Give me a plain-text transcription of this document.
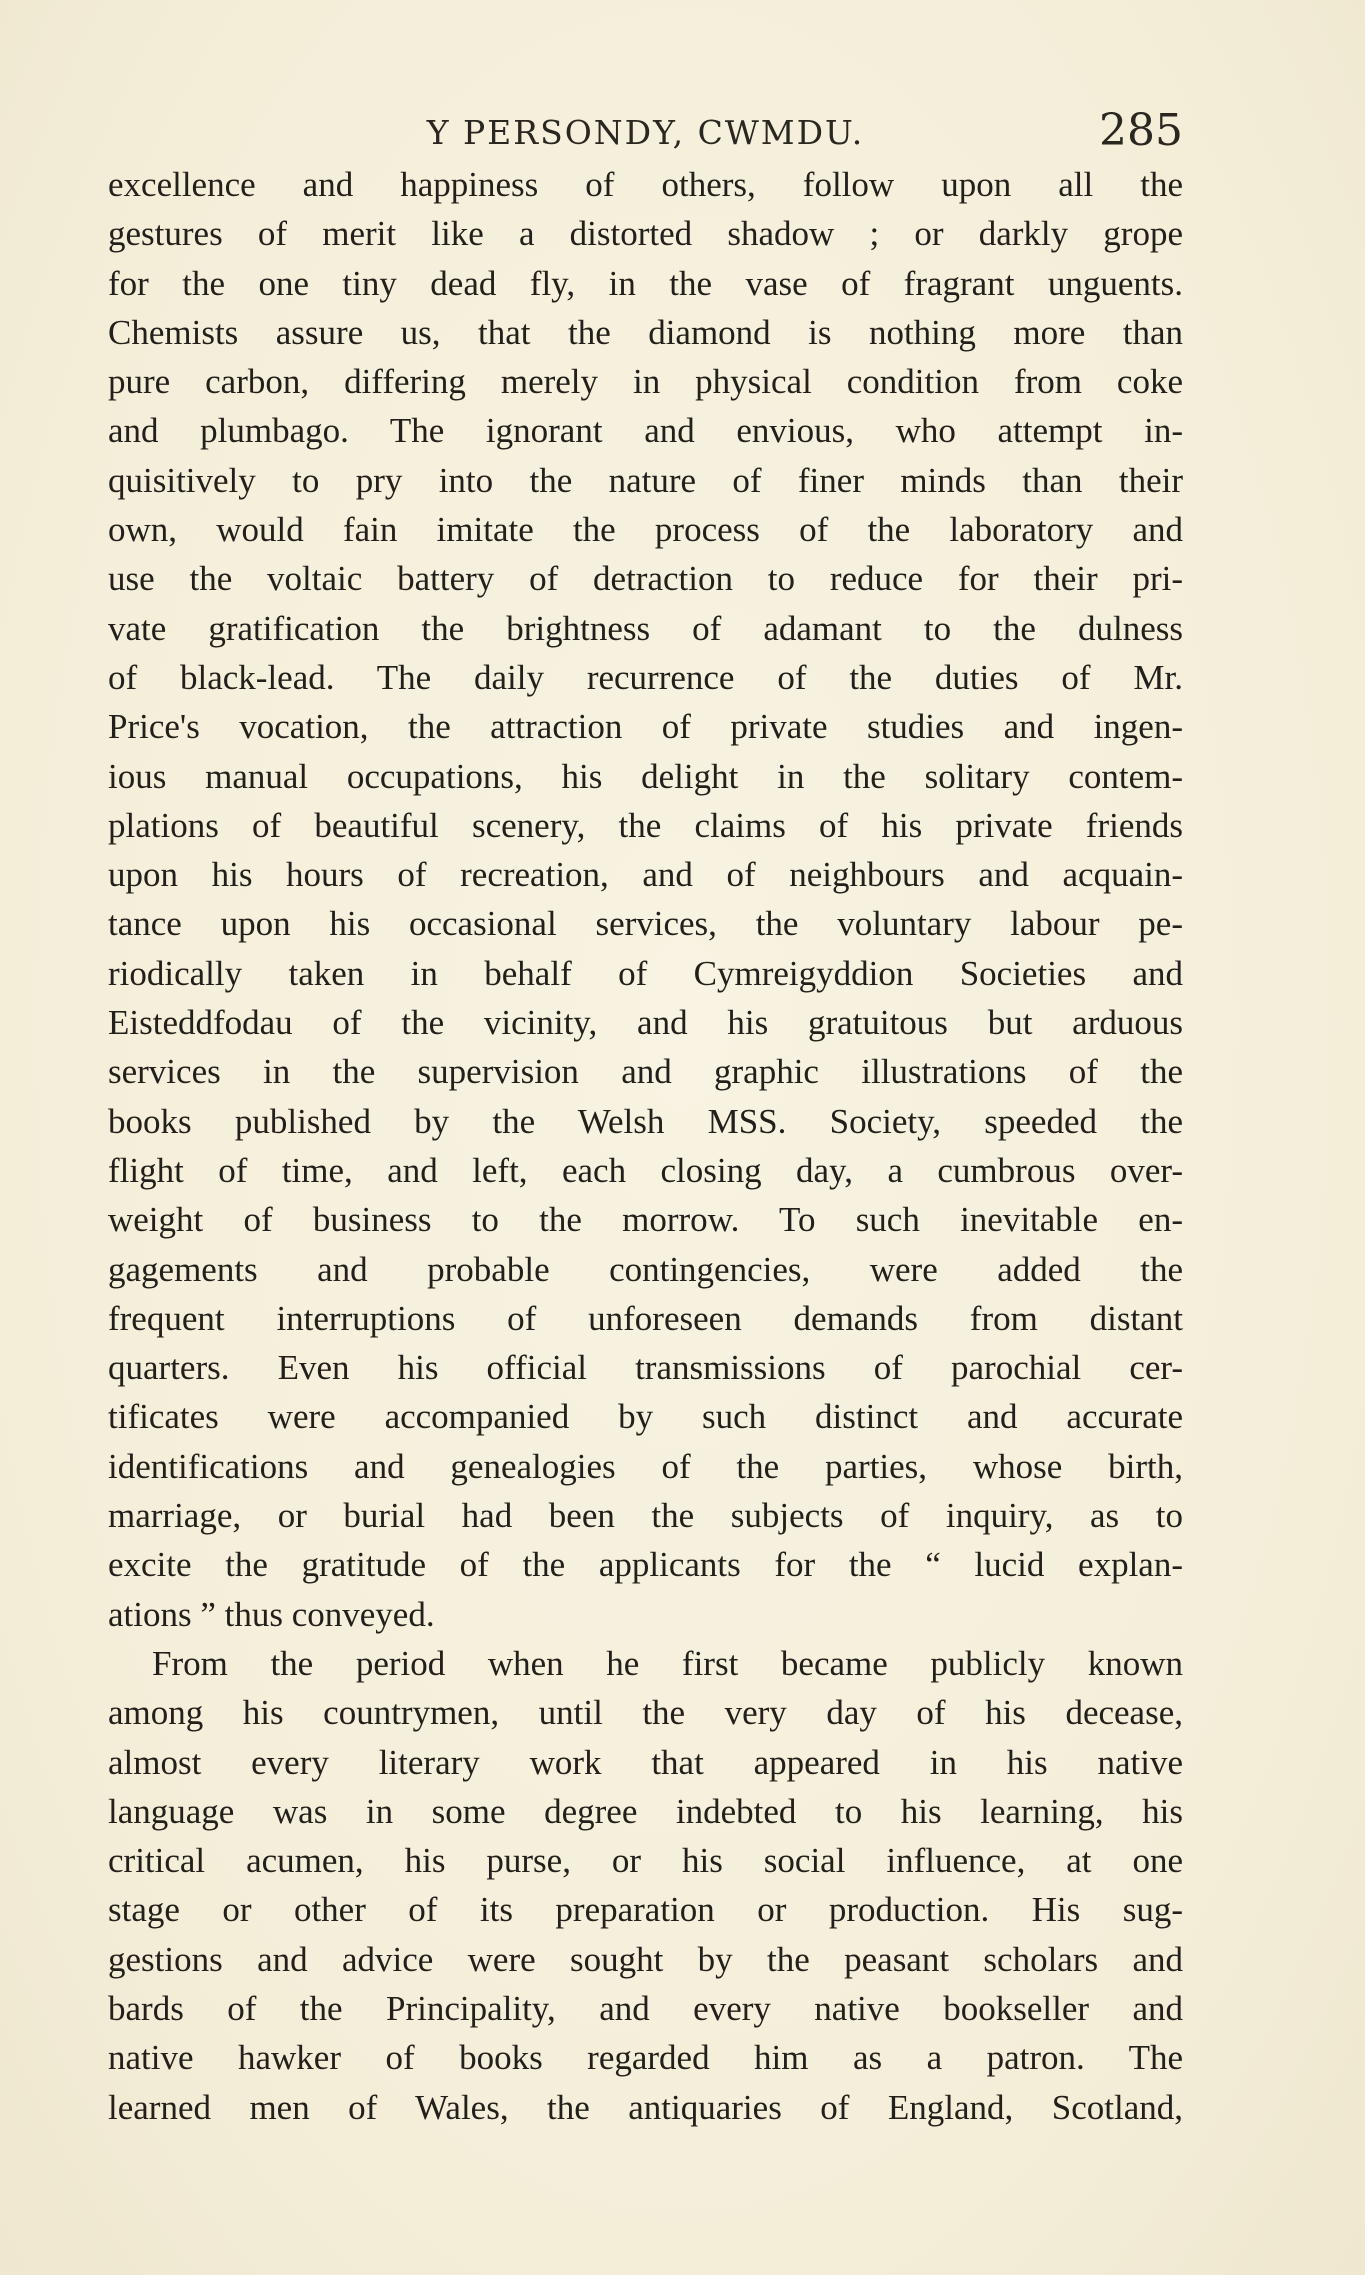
Y PERSONDY, CWMDU.	285
excellence and happiness of others, follow upon all the
gestures of merit like a distorted shadow ; or darkly grope
for the one tiny dead fly, in the vase of fragrant unguents.
Chemists assure us, that the diamond is nothing more than
pure carbon, differing merely in physical condition from coke
and plumbago. The ignorant and envious, who attempt in-
quisitively to pry into the nature of finer minds than their
own, would fain imitate the process of the laboratory and
use the voltaic battery of detraction to reduce for their pri-
vate gratification the brightness of adamant to the dulness
of black-lead. The daily recurrence of the duties of Mr.
Price's vocation, the attraction of private studies and ingen-
ious manual occupations, his delight in the solitary contem-
plations of beautiful scenery, the claims of his private friends
upon his hours of recreation, and of neighbours and acquain-
tance upon his occasional services, the voluntary labour pe-
riodically taken in behalf of Cymreigyddion Societies and
Eisteddfodau of the vicinity, and his gratuitous but arduous
services in the supervision and graphic illustrations of the
books published by the Welsh MSS. Society, speeded the
flight of time, and left, each closing day, a cumbrous over-
weight of business to the morrow. To such inevitable en-
gagements and probable contingencies, were added the
frequent interruptions of unforeseen demands from distant
quarters. Even his official transmissions of parochial cer-
tificates were accompanied by such distinct and accurate
identifications and genealogies of the parties, whose birth,
marriage, or burial had been the subjects of inquiry, as to
excite the gratitude of the applicants for the “ lucid explan-
ations ” thus conveyed.
From the period when he first became publicly known
among his countrymen, until the very day of his decease,
almost every literary work that appeared in his native
language was in some degree indebted to his learning, his
critical acumen, his purse, or his social influence, at one
stage or other of its preparation or production. His sug-
gestions and advice were sought by the peasant scholars and
bards of the Principality, and every native bookseller and
native hawker of books regarded him as a patron. The
learned men of Wales, the antiquaries of England, Scotland,
